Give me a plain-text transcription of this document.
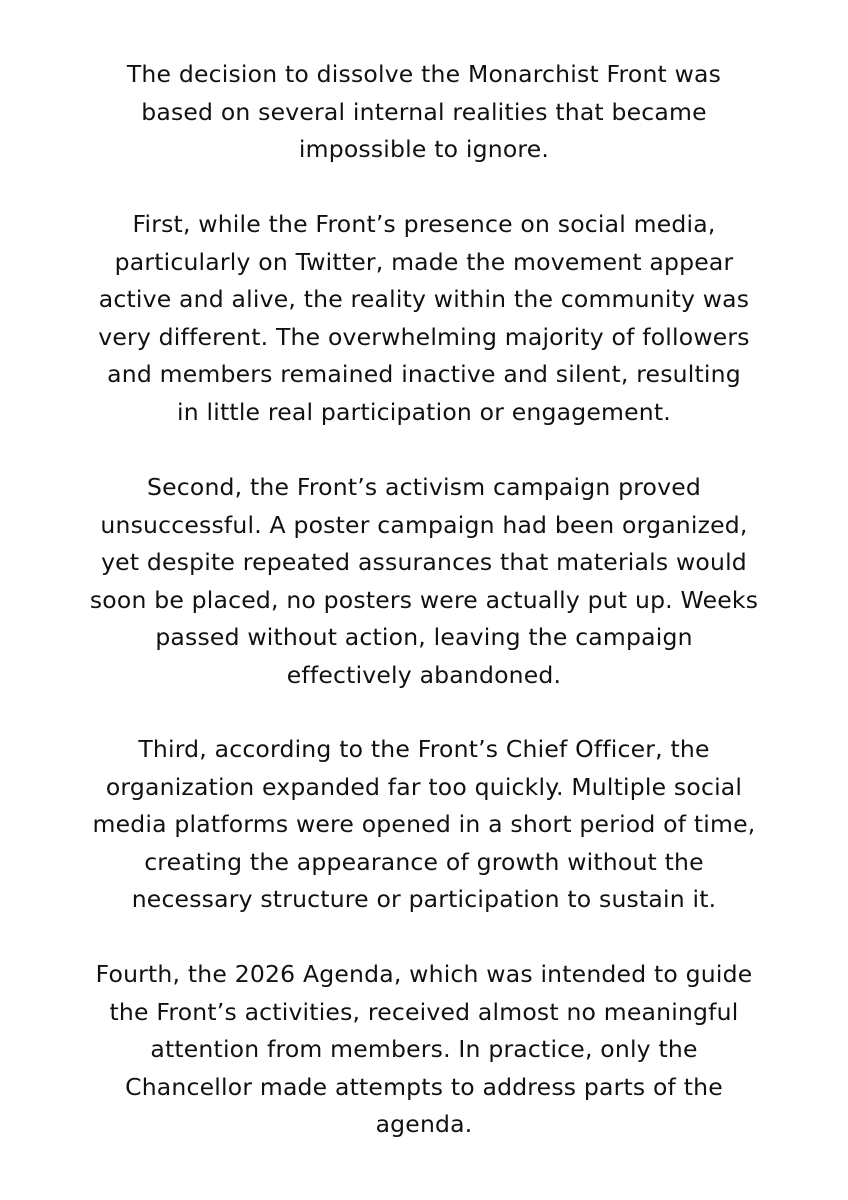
The decision to dissolve the Monarchist Front was
based on several internal realities that became
impossible to ignore.

First, while the Front’s presence on social media,
particularly on Twitter, made the movement appear
active and alive, the reality within the community was
very different. The overwhelming majority of followers
and members remained inactive and silent, resulting
in little real participation or engagement.

Second, the Front’s activism campaign proved
unsuccessful. A poster campaign had been organized,
yet despite repeated assurances that materials would
soon be placed, no posters were actually put up. Weeks
passed without action, leaving the campaign
effectively abandoned.

Third, according to the Front’s Chief Officer, the
organization expanded far too quickly. Multiple social
media platforms were opened in a short period of time,
creating the appearance of growth without the
necessary structure or participation to sustain it.

Fourth, the 2026 Agenda, which was intended to guide
the Front’s activities, received almost no meaningful
attention from members. In practice, only the
Chancellor made attempts to address parts of the
agenda.
